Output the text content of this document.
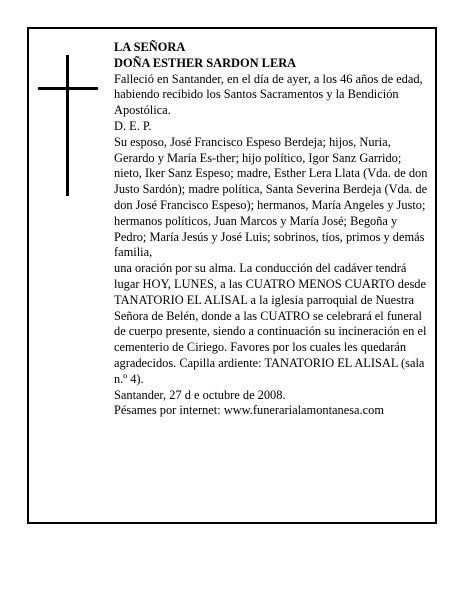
LA SEÑORA

DOÑA ESTHER SARDON LERA

Falleció en Santander, en el día de ayer, a los 46 años de edad, habiendo recibido los Santos Sacramentos y la Bendición Apostólica.

D. E. P.

Su esposo, José Francisco Espeso Berdeja; hijos, Nuria, Gerardo y María Es-ther; hijo político, Igor Sanz Garrido; nieto, Iker Sanz Espeso; madre, Esther Lera Llata (Vda. de don Justo Sardón); madre política, Santa Severina Berdeja (Vda. de don José Francisco Espeso); hermanos, María Angeles y Justo; hermanos políticos, Juan Marcos y María José; Begoña y Pedro; María Jesús y José Luis; sobrinos, tíos, primos y demás familia,

una oración por su alma. La conducción del cadáver tendrá lugar HOY, LUNES, a las CUATRO MENOS CUARTO desde TANATORIO EL ALISAL a la iglesia parroquial de Nuestra Señora de Belén, donde a las CUATRO se celebrará el funeral de cuerpo presente, siendo a continuación su incineración en el cementerio de Ciriego. Favores por los cuales les quedarán agradecidos. Capilla ardiente: TANATORIO EL ALISAL (sala n.º 4).

Santander, 27 d e octubre de 2008.

Pésames por internet: www.funerarialamontanesa.com
